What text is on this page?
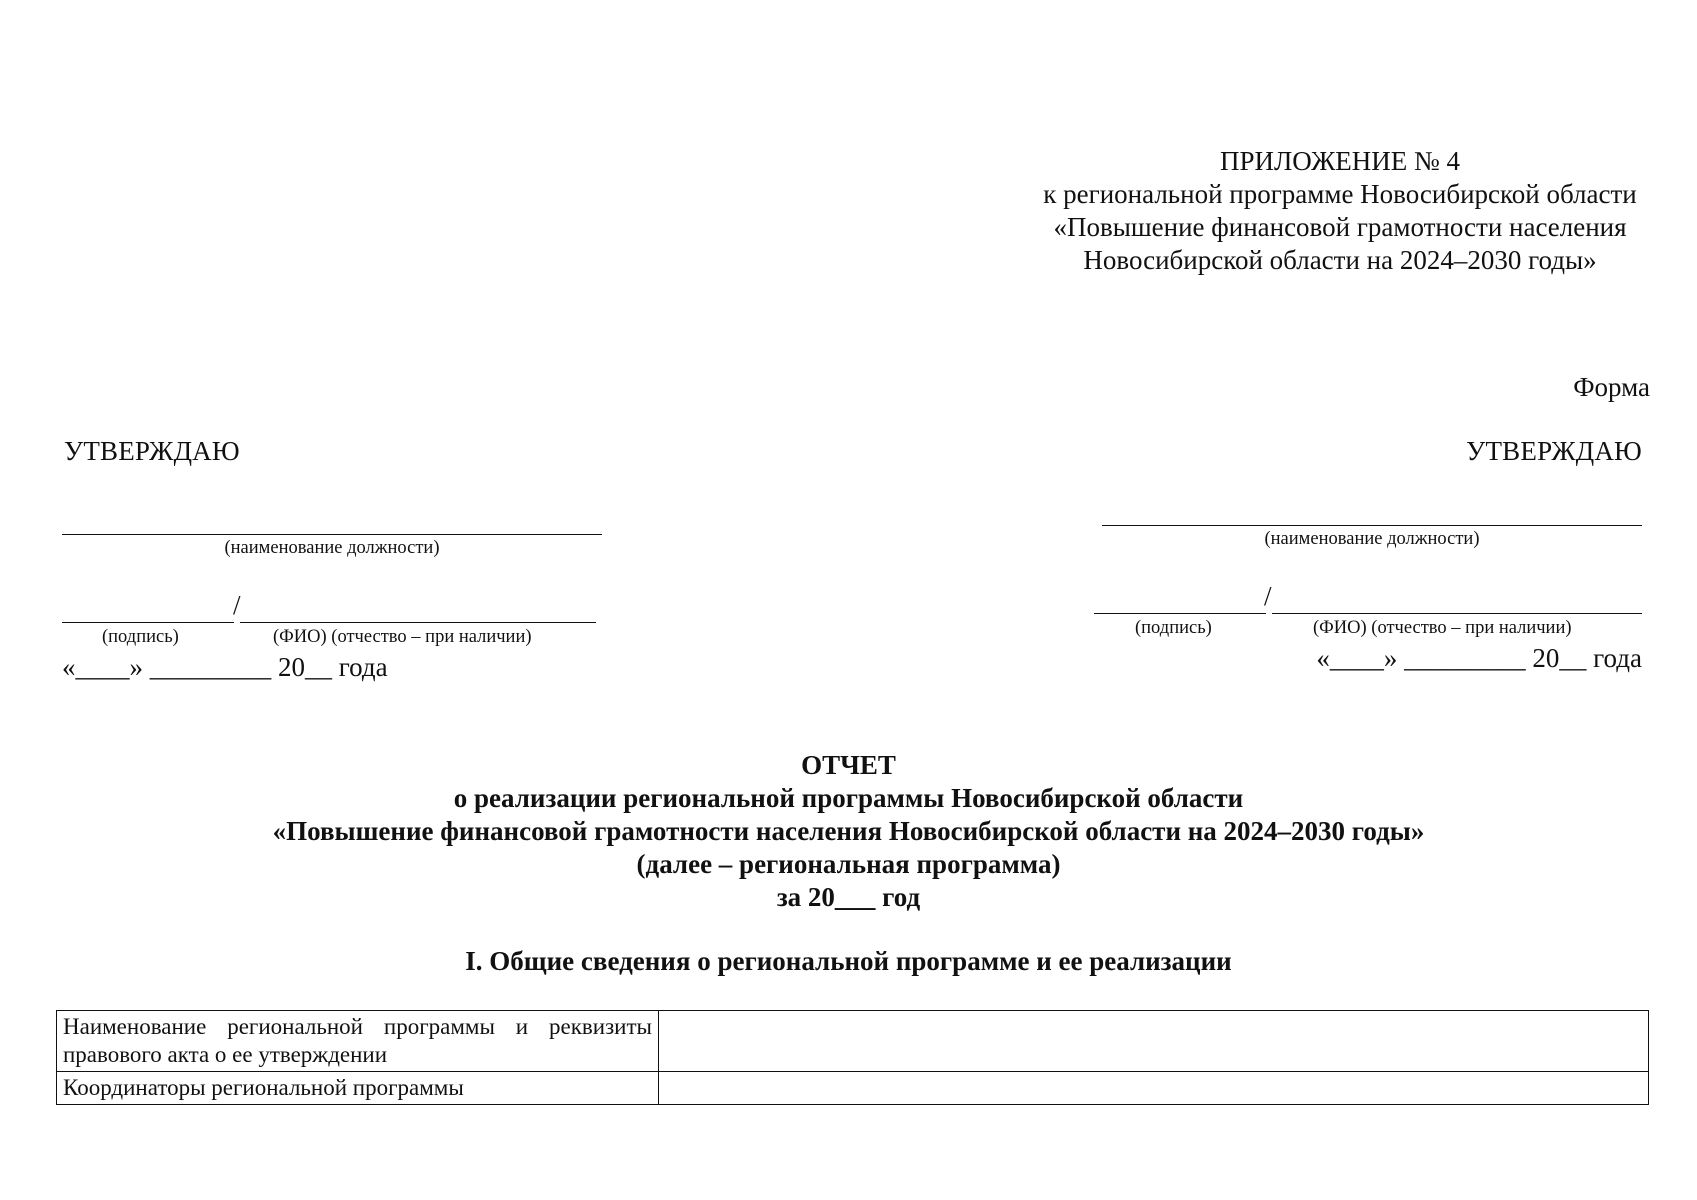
ПРИЛОЖЕНИЕ № 4
к региональной программе Новосибирской области
«Повышение финансовой грамотности населения
Новосибирской области на 2024–2030 годы»
Форма
УТВЕРЖДАЮ
(наименование должности)
/
(подпись)	(ФИО) (отчество – при наличии)
«____» _________ 20__ года
УТВЕРЖДАЮ
(наименование должности)
/
(подпись)	(ФИО) (отчество – при наличии)
«____» _________ 20__ года
ОТЧЕТ
о реализации региональной программы Новосибирской области
«Повышение финансовой грамотности населения Новосибирской области на 2024–2030 годы»
(далее – региональная программа)
за 20___ год
I. Общие сведения о региональной программе и ее реализации
Наименование региональной программы и реквизиты правового акта о ее утверждении	
Координаторы региональной программы	
